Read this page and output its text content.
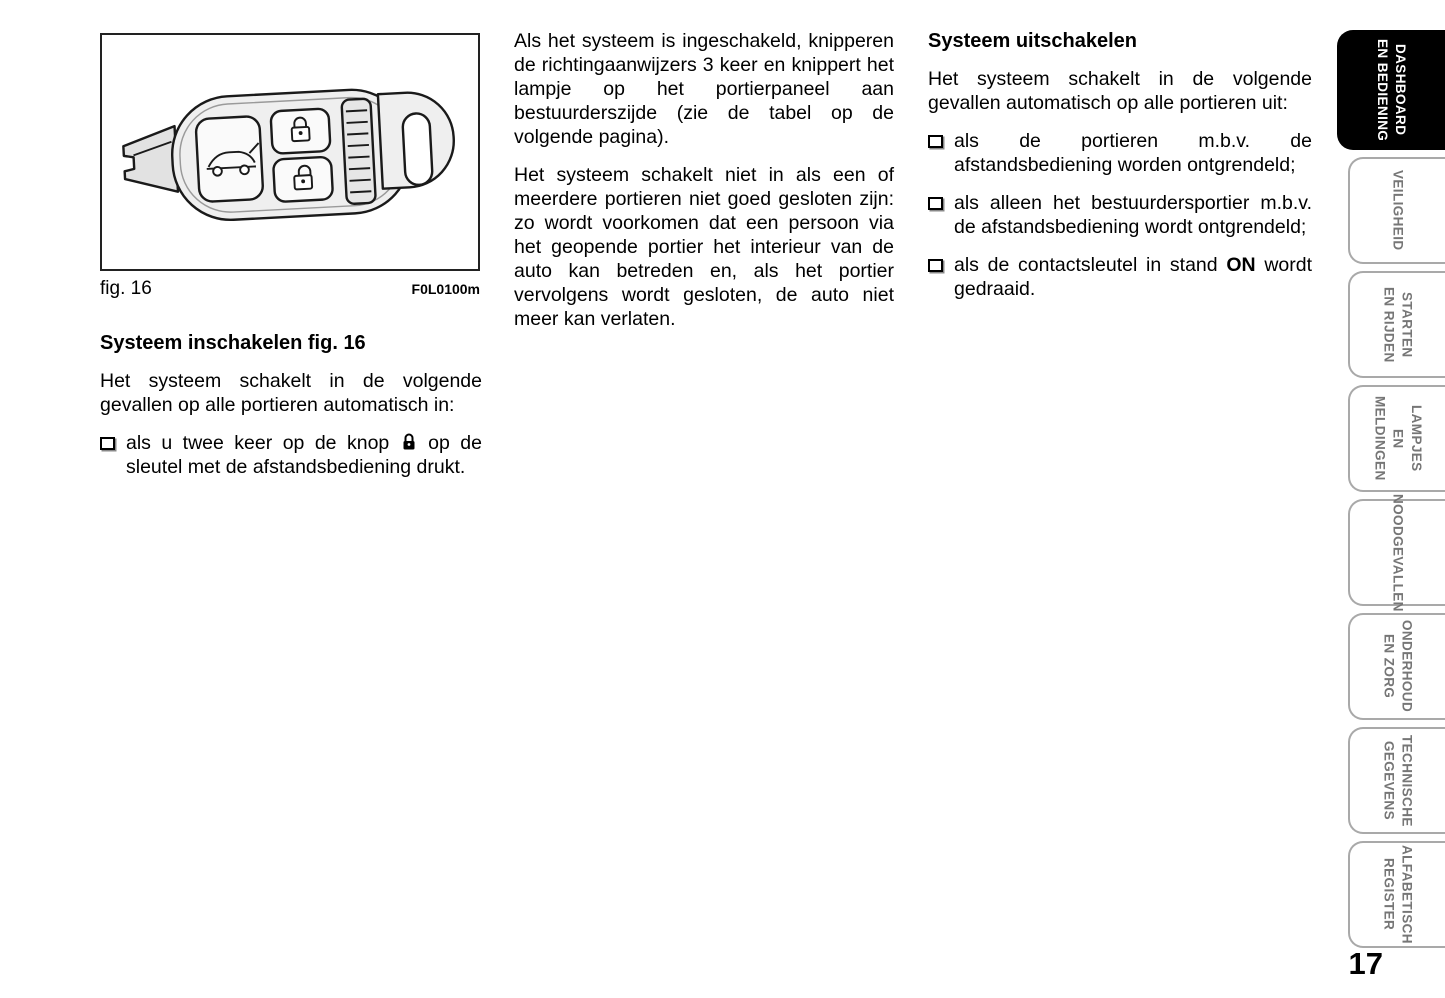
fig. 16	F0L0100m
Systeem inschakelen fig. 16

Het systeem schakelt in de volgende gevallen op alle portieren automatisch in:

als u twee keer op de knop  op de sleutel met de afstandsbediening drukt.

Als het systeem is ingeschakeld, knipperen de richtingaanwijzers 3 keer en knippert het lampje op het portierpaneel aan bestuurderszijde (zie de tabel op de volgende pagina).

Het systeem schakelt niet in als een of meerdere portieren niet goed gesloten zijn: zo wordt voorkomen dat een persoon via het geopende portier het interieur van de auto kan betreden en, als het portier vervolgens wordt gesloten, de auto niet meer kan verlaten.

Systeem uitschakelen

Het systeem schakelt in de volgende gevallen automatisch op alle portieren uit:

als de portieren m.b.v. de afstandsbediening worden ontgrendeld;
als alleen het bestuurdersportier m.b.v. de afstandsbediening wordt ontgrendeld;
als de contactsleutel in stand ON wordt gedraaid.
DASHBOARD
EN BEDIENING
VEILIGHEID
STARTEN
EN RIJDEN
LAMPJES
EN MELDINGEN
NOODGEVALLEN
ONDERHOUD
EN ZORG
TECHNISCHE
GEGEVENS
ALFABETISCH
REGISTER
17
